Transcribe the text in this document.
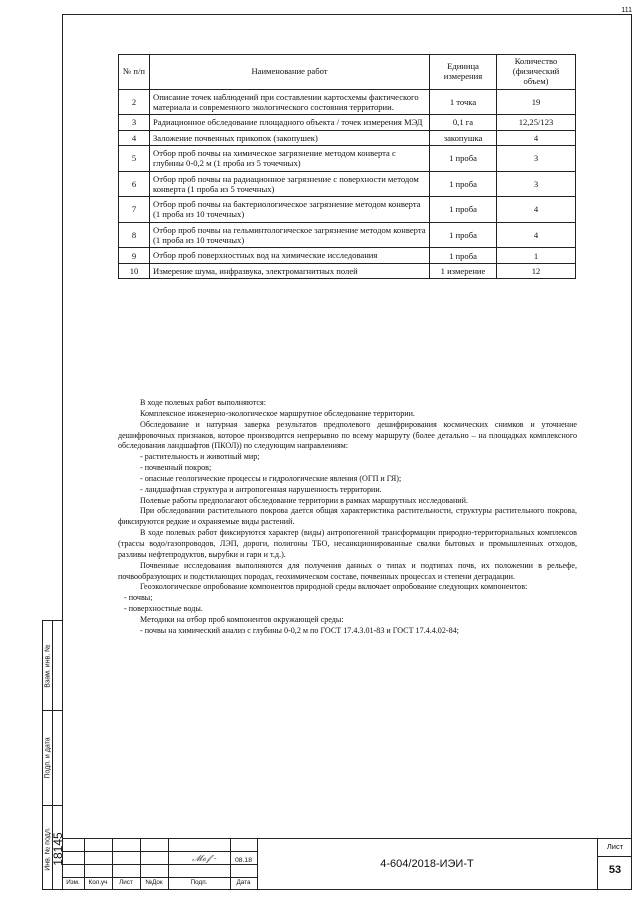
111
№ п/п	Наименование работ	Единица измерения	Количество (физический объем)
2	Описание точек наблюдений при составлении картосхемы фактического материала и современного экологического состояния территории.	1 точка	19
3	Радиационное обследование площадного объекта / точек измерения МЭД	0,1 га	12,25/123
4	Заложение почвенных прикопок (закопушек)	закопушка	4
5	Отбор проб почвы на химическое загрязнение методом конверта с глубины 0-0,2 м (1 проба из 5 точечных)	1 проба	3
6	Отбор проб почвы на радиационное загрязнение с поверхности методом конверта (1 проба из 5 точечных)	1 проба	3
7	Отбор проб почвы на бактериологическое загрязнение методом конверта (1 проба из 10 точечных)	1 проба	4
8	Отбор проб почвы на гельминтологическое загрязнение методом конверта (1 проба из 10 точечных)	1 проба	4
9	Отбор проб поверхностных вод на химические исследования	1 проба	1
10	Измерение шума, инфразвука, электромагнитных полей	1 измерение	12

В ходе полевых работ выполняются:

Комплексное инженерно-экологическое маршрутное обследование территории.

Обследование и натурная заверка результатов предполевого дешифрирования космических снимков и уточнение дешифровочных признаков, которое производится непрерывно по всему маршруту (более детально – на площадках комплексного обследования ландшафтов (ПКОЛ)) по следующим направлениям:

- растительность и животный мир;

- почвенный покров;

- опасные геологические процессы и гидрологические явления (ОГП и ГЯ);

- ландшафтная структура и антропогенная нарушенность территории.

Полевые работы предполагают обследование территории в рамках маршрутных исследований.

При обследовании растительного покрова дается общая характеристика растительности, структуры растительного покрова, фиксируются редкие и охраняемые виды растений.

В ходе полевых работ фиксируются характер (виды) антропогенной трансформации природно-территориальных комплексов (трассы водо/газопроводов, ЛЭП, дороги, полигоны ТБО, несанкционированные свалки бытовых и промышленных отходов, разливы нефтепродуктов, вырубки и гари и т.д.).

Почвенные исследования выполняются для получения данных о типах и подтипах почв, их положении в рельефе, почвообразующих и подстилающих породах, геохимическом составе, почвенных процессах и степени деградации.

Геоэкологическое опробование компонентов природной среды включает опробование следующих компонентов:

- почвы;

- поверхностные воды.

Методики на отбор проб компонентов окружающей среды:

- почвы на химический анализ с глубины 0-0,2 м по ГОСТ 17.4.3.01-83 и ГОСТ 17.4.4.02-84;

Взам. инв. №
Подп. и дата
Инв. № подл. 18145
Изм.	Кол.уч	Лист	№Док	Подп.	Дата
𝓜𝓸𝓯 -	08.18	4-604/2018-ИЭИ-Т
Лист
53
